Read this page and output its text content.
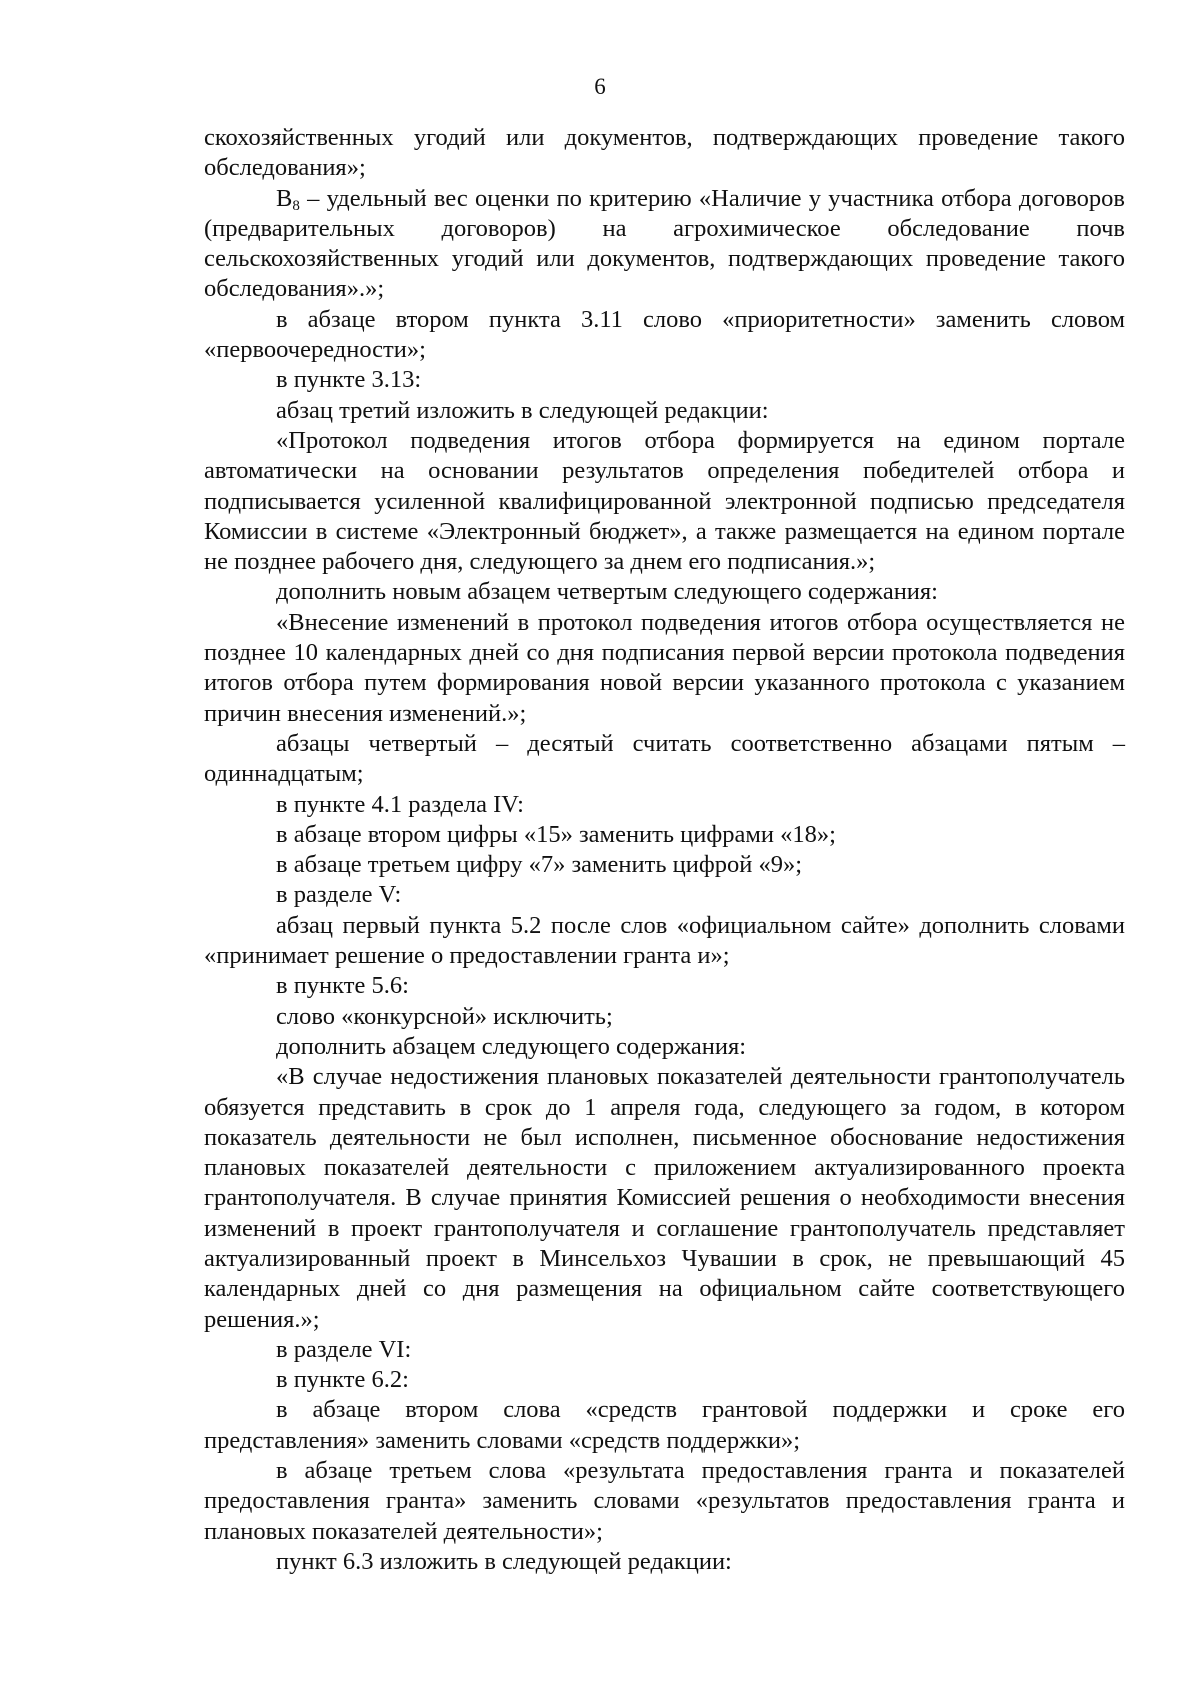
6

скохозяйственных угодий или документов, подтверждающих проведение такого обследования»;

$В_8$ – удельный вес оценки по критерию «Наличие у участника отбора договоров (предварительных договоров) на агрохимическое обследование почв сельскохозяйственных угодий или документов, подтверждающих проведение такого обследования».»;

в абзаце втором пункта 3.11 слово «приоритетности» заменить словом «первоочередности»;

в пункте 3.13:

абзац третий изложить в следующей редакции:

«Протокол подведения итогов отбора формируется на едином портале автоматически на основании результатов определения победителей отбора и подписывается усиленной квалифицированной электронной подписью председателя Комиссии в системе «Электронный бюджет», а также размещается на едином портале не позднее рабочего дня, следующего за днем его подписания.»;

дополнить новым абзацем четвертым следующего содержания:

«Внесение изменений в протокол подведения итогов отбора осуществляется не позднее 10 календарных дней со дня подписания первой версии протокола подведения итогов отбора путем формирования новой версии указанного протокола с указанием причин внесения изменений.»;

абзацы четвертый – десятый считать соответственно абзацами пятым – одиннадцатым;

в пункте 4.1 раздела IV:

в абзаце втором цифры «15» заменить цифрами «18»;

в абзаце третьем цифру «7» заменить цифрой «9»;

в разделе V:

абзац первый пункта 5.2 после слов «официальном сайте» дополнить словами «принимает решение о предоставлении гранта и»;

в пункте 5.6:

слово «конкурсной» исключить;

дополнить абзацем следующего содержания:

«В случае недостижения плановых показателей деятельности грантополучатель обязуется представить в срок до 1 апреля года, следующего за годом, в котором показатель деятельности не был исполнен, письменное обоснование недостижения плановых показателей деятельности с приложением актуализированного проекта грантополучателя. В случае принятия Комиссией решения о необходимости внесения изменений в проект грантополучателя и соглашение грантополучатель представляет актуализированный проект в Минсельхоз Чувашии в срок, не превышающий 45 календарных дней со дня размещения на официальном сайте соответствующего решения.»;

в разделе VI:

в пункте 6.2:

в абзаце втором слова «средств грантовой поддержки и сроке его представления» заменить словами «средств поддержки»;

в абзаце третьем слова «результата предоставления гранта и показателей предоставления гранта» заменить словами «результатов предоставления гранта и плановых показателей деятельности»;

пункт 6.3 изложить в следующей редакции:
